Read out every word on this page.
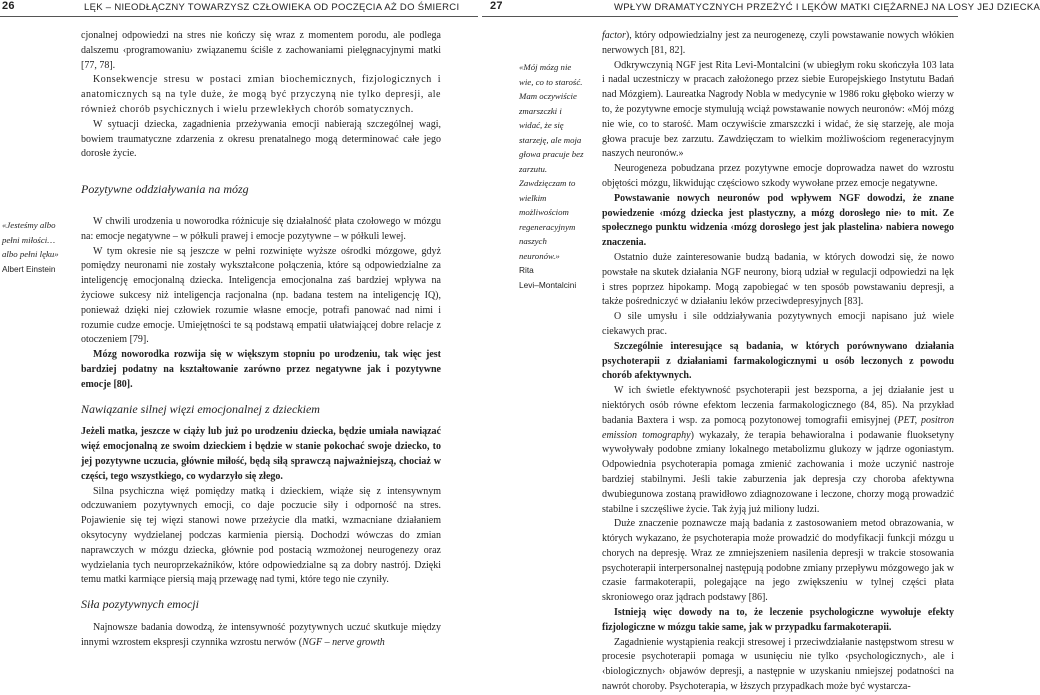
26	LĘK – NIEODŁĄCZNY TOWARZYSZ CZŁOWIEKA OD POCZĘCIA AŻ DO ŚMIERCI
«Jesteśmy albo pełni miłości…albo pełni lęku»
Albert Einstein

cjonalnej odpowiedzi na stres nie kończy się wraz z momentem porodu, ale podlega dalszemu ‹programowaniu› związanemu ściśle z zachowaniami pielęgnacyjnymi matki [77, 78].

Konsekwencje stresu w postaci zmian biochemicznych, fizjologicznych i anatomicznych są na tyle duże, że mogą być przyczyną nie tylko depresji, ale również chorób psychicznych i wielu przewlekłych chorób somatycznych.

W sytuacji dziecka, zagadnienia przeżywania emocji nabierają szczególnej wagi, bowiem traumatyczne zdarzenia z okresu prenatalnego mogą determinować całe jego dorosłe życie.

Pozytywne oddziaływania na mózg

W chwili urodzenia u noworodka różnicuje się działalność płata czołowego w mózgu na: emocje negatywne – w półkuli prawej i emocje pozytywne – w półkuli lewej.

W tym okresie nie są jeszcze w pełni rozwinięte wyższe ośrodki mózgowe, gdyż pomiędzy neuronami nie zostały wykształcone połączenia, które są odpowiedzialne za inteligencję emocjonalną dziecka. Inteligencja emocjonalna zaś bardziej wpływa na życiowe sukcesy niż inteligencja racjonalna (np. badana testem na inteligencję IQ), ponieważ dzięki niej człowiek rozumie własne emocje, potrafi panować nad nimi i rozumie cudze emocje. Umiejętności te są podstawą empatii ułatwiającej dobre relacje z otoczeniem [79].

Mózg noworodka rozwija się w większym stopniu po urodzeniu, tak więc jest bardziej podatny na kształtowanie zarówno przez negatywne jak i pozytywne emocje [80].

Nawiązanie silnej więzi emocjonalnej z dzieckiem

Jeżeli matka, jeszcze w ciąży lub już po urodzeniu dziecka, będzie umiała nawiązać więź emocjonalną ze swoim dzieckiem i będzie w stanie pokochać swoje dziecko, to jej pozytywne uczucia, głównie miłość, będą siłą sprawczą najważniejszą, chociaż w części, tego wszystkiego, co wydarzyło się złego.

Silna psychiczna więź pomiędzy matką i dzieckiem, wiąże się z intensywnym odczuwaniem pozytywnych emocji, co daje poczucie siły i odporność na stres. Pojawienie się tej więzi stanowi nowe przeżycie dla matki, wzmacniane działaniem oksytocyny wydzielanej podczas karmienia piersią. Dochodzi wówczas do zmian naprawczych w mózgu dziecka, głównie pod postacią wzmożonej neurogenezy oraz wydzielania tych neuroprzekaźników, które odpowiedzialne są za dobry nastrój. Dzięki temu matki karmiące piersią mają przewagę nad tymi, które tego nie czyniły.

Siła pozytywnych emocji

Najnowsze badania dowodzą, że intensywność pozytywnych uczuć skutkuje między innymi wzrostem ekspresji czynnika wzrostu nerwów (NGF – nerve growth

27	WPŁYW DRAMATYCZNYCH PRZEŻYĆ I LĘKÓW MATKI CIĘŻARNEJ NA LOSY JEJ DZIECKA
«Mój mózg nie wie, co to starość. Mam oczywiście zmarszczki i widać, że się starzeję, ale moja głowa pracuje bez zarzutu. Zawdzięczam to wielkim możliwościom regeneracyjnym naszych neuronów.»
Rita
Levi–Montalcini

factor), który odpowiedzialny jest za neurogenezę, czyli powstawanie nowych włókien nerwowych [81, 82].

Odkrywczynią NGF jest Rita Levi-Montalcini (w ubiegłym roku skończyła 103 lata i nadal uczestniczy w pracach założonego przez siebie Europejskiego Instytutu Badań nad Mózgiem). Laureatka Nagrody Nobla w medycynie w 1986 roku głęboko wierzy w to, że pozytywne emocje stymulują wciąż powstawanie nowych neuronów: «Mój mózg nie wie, co to starość. Mam oczywiście zmarszczki i widać, że się starzeję, ale moja głowa pracuje bez zarzutu. Zawdzięczam to wielkim możliwościom regeneracyjnym naszych neuronów.»

Neurogeneza pobudzana przez pozytywne emocje doprowadza nawet do wzrostu objętości mózgu, likwidując częściowo szkody wywołane przez emocje negatywne.

Powstawanie nowych neuronów pod wpływem NGF dowodzi, że znane powiedzenie ‹mózg dziecka jest plastyczny, a mózg dorosłego nie› to mit. Ze społecznego punktu widzenia ‹mózg dorosłego jest jak plastelina› nabiera nowego znaczenia.

Ostatnio duże zainteresowanie budzą badania, w których dowodzi się, że nowo powstałe na skutek działania NGF neurony, biorą udział w regulacji odpowiedzi na lęk i stres poprzez hipokamp. Mogą zapobiegać w ten sposób powstawaniu depresji, a także pośredniczyć w działaniu leków przeciwdepresyjnych [83].

O sile umysłu i sile oddziaływania pozytywnych emocji napisano już wiele ciekawych prac.

Szczególnie interesujące są badania, w których porównywano działania psychoterapii z działaniami farmakologicznymi u osób leczonych z powodu chorób afektywnych.

W ich świetle efektywność psychoterapii jest bezsporna, a jej działanie jest u niektórych osób równe efektom leczenia farmakologicznego (84, 85). Na przykład badania Baxtera i wsp. za pomocą pozytonowej tomografii emisyjnej (PET, positron emission tomography) wykazały, że terapia behawioralna i podawanie fluoksetyny wywoływały podobne zmiany lokalnego metabolizmu glukozy w jądrze ogoniastym. Odpowiednia psychoterapia pomaga zmienić zachowania i może uczynić nastroje bardziej stabilnymi. Jeśli takie zaburzenia jak depresja czy choroba afektywna dwubiegunowa zostaną prawidłowo zdiagnozowane i leczone, chorzy mogą prowadzić stabilne i szczęśliwe życie. Tak żyją już miliony ludzi.

Duże znaczenie poznawcze mają badania z zastosowaniem metod obrazowania, w których wykazano, że psychoterapia może prowadzić do modyfikacji funkcji mózgu u chorych na depresję. Wraz ze zmniejszeniem nasilenia depresji w trakcie stosowania psychoterapii interpersonalnej następują podobne zmiany przepływu mózgowego jak w czasie farmakoterapii, polegające na jego zwiększeniu w tylnej części płata skroniowego oraz jądrach podstawy [86].

Istnieją więc dowody na to, że leczenie psychologiczne wywołuje efekty fizjologiczne w mózgu takie same, jak w przypadku farmakoterapii.

Zagadnienie wystąpienia reakcji stresowej i przeciwdziałanie następstwom stresu w procesie psychoterapii pomaga w usunięciu nie tylko ‹psychologicznych›, ale i ‹biologicznych› objawów depresji, a następnie w uzyskaniu nmiejszej podatności na nawrót choroby. Psychoterapia, w łższych przypadkach może być wystarcza-
